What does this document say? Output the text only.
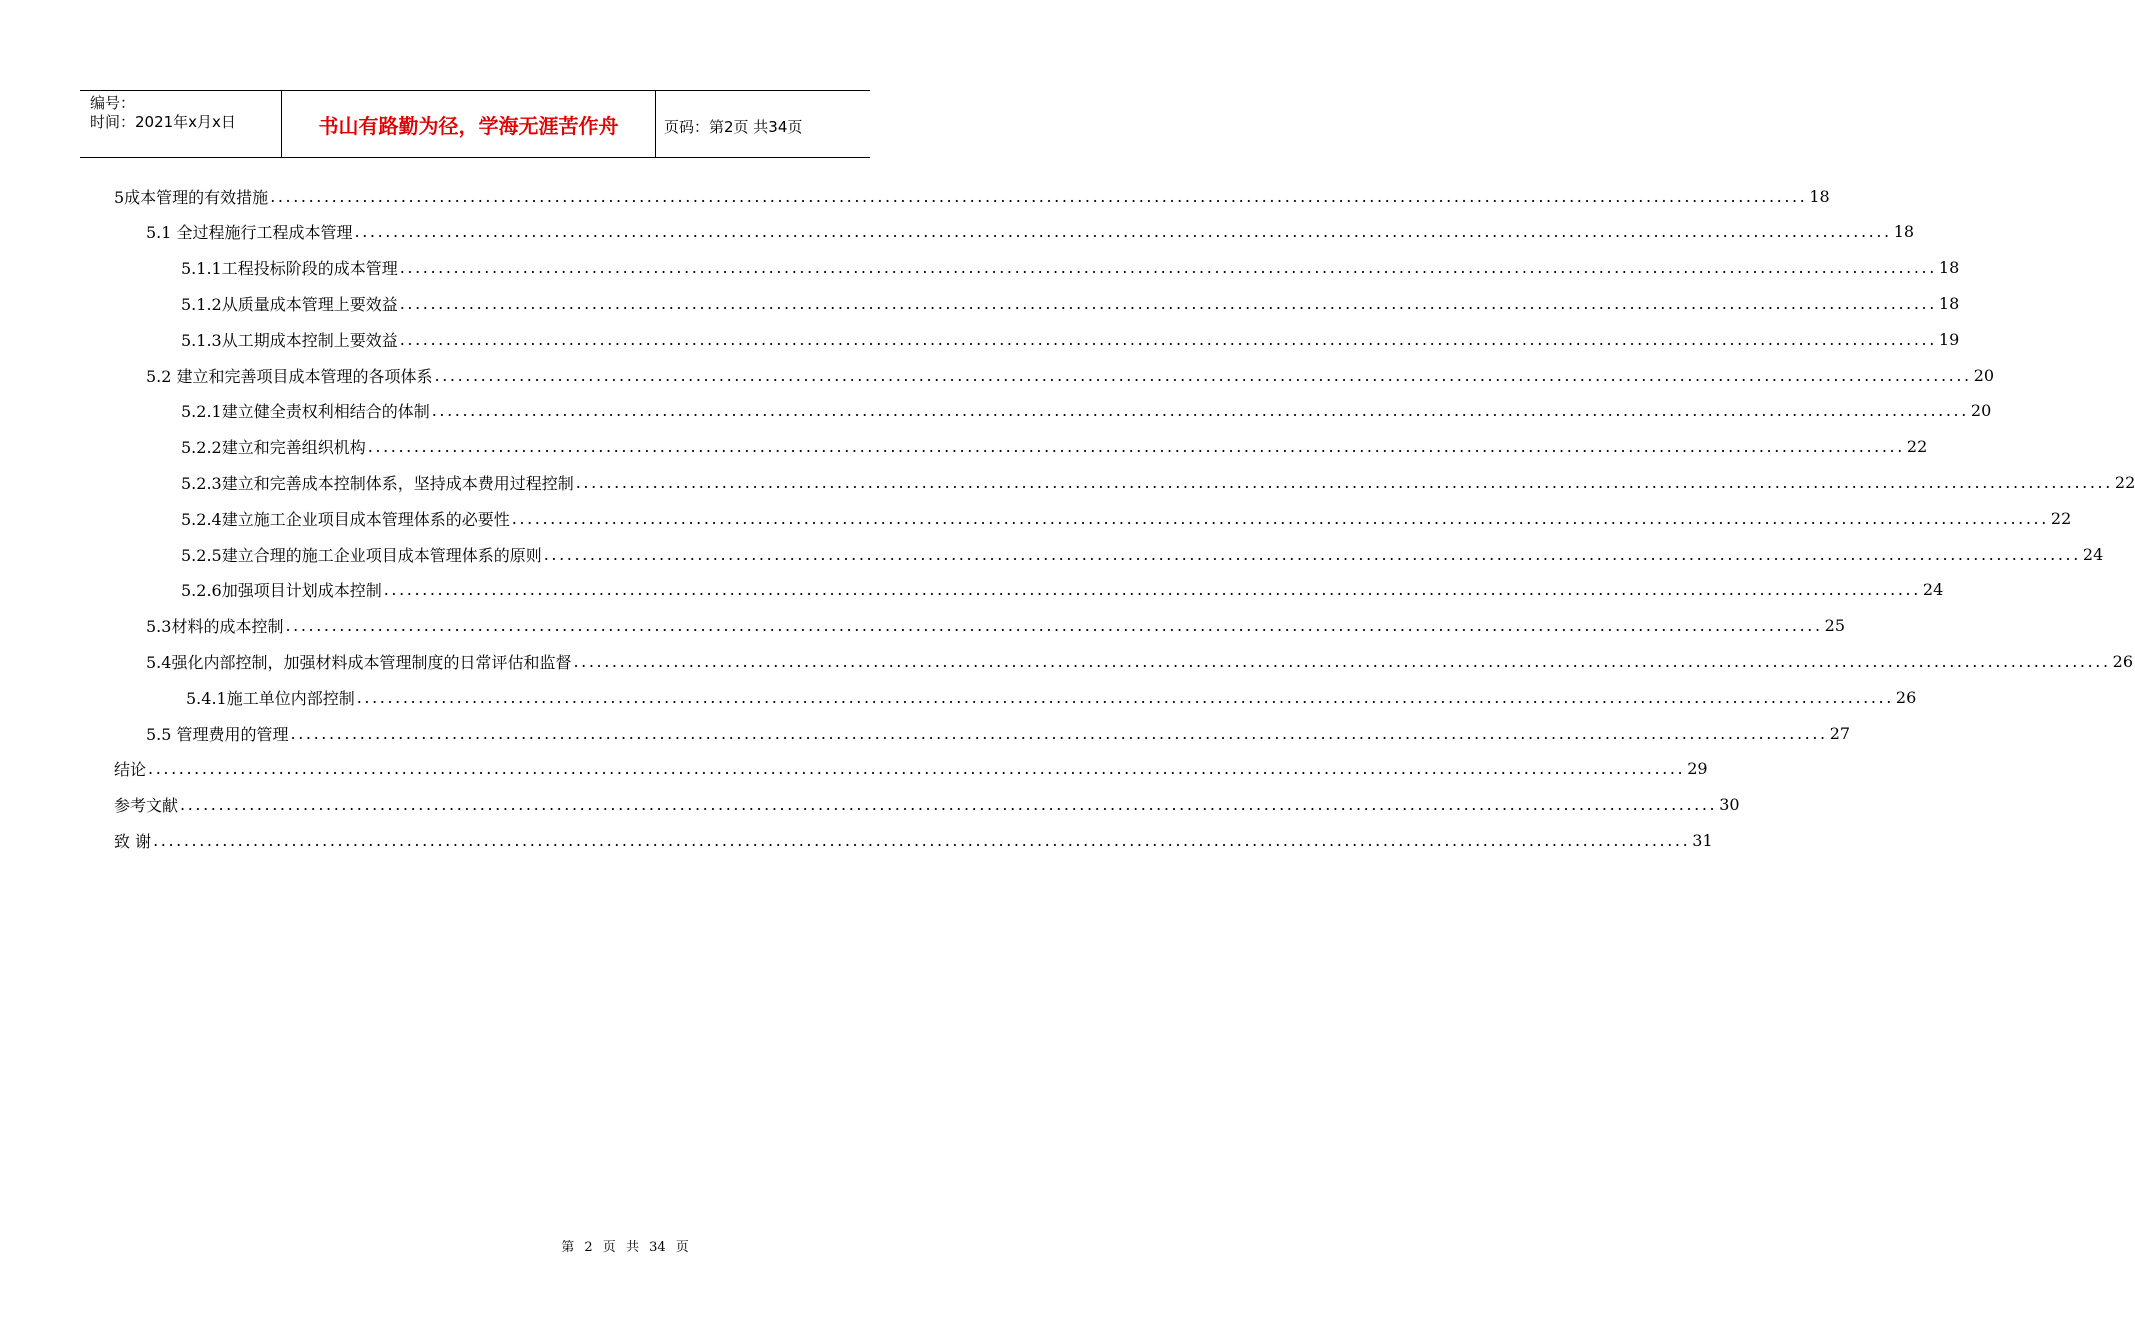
编号：
时间：2021年x月x日	书山有路勤为径，学海无涯苦作舟	页码：第2页 共34页
5成本管理的有效措施 ........................................................................................................................................................................................................ 18
5.1 全过程施行工程成本管理 ........................................................................................................................................................................................................ 18
5.1.1工程投标阶段的成本管理 ........................................................................................................................................................................................................ 18
5.1.2从质量成本管理上要效益 ........................................................................................................................................................................................................ 18
5.1.3从工期成本控制上要效益 ........................................................................................................................................................................................................ 19
5.2 建立和完善项目成本管理的各项体系 ........................................................................................................................................................................................................ 20
5.2.1建立健全责权利相结合的体制 ........................................................................................................................................................................................................ 20
5.2.2建立和完善组织机构 ........................................................................................................................................................................................................ 22
5.2.3建立和完善成本控制体系，坚持成本费用过程控制 ........................................................................................................................................................................................................ 22
5.2.4建立施工企业项目成本管理体系的必要性 ........................................................................................................................................................................................................ 22
5.2.5建立合理的施工企业项目成本管理体系的原则 ........................................................................................................................................................................................................ 24
5.2.6加强项目计划成本控制 ........................................................................................................................................................................................................ 24
5.3材料的成本控制 ........................................................................................................................................................................................................ 25
5.4强化内部控制，加强材料成本管理制度的日常评估和监督 ........................................................................................................................................................................................................ 26
5.4.1施工单位内部控制 ........................................................................................................................................................................................................ 26
5.5 管理费用的管理 ........................................................................................................................................................................................................ 27
结论 ........................................................................................................................................................................................................ 29
参考文献 ........................................................................................................................................................................................................ 30
致 谢 ........................................................................................................................................................................................................ 31
第 2 页 共 34 页
